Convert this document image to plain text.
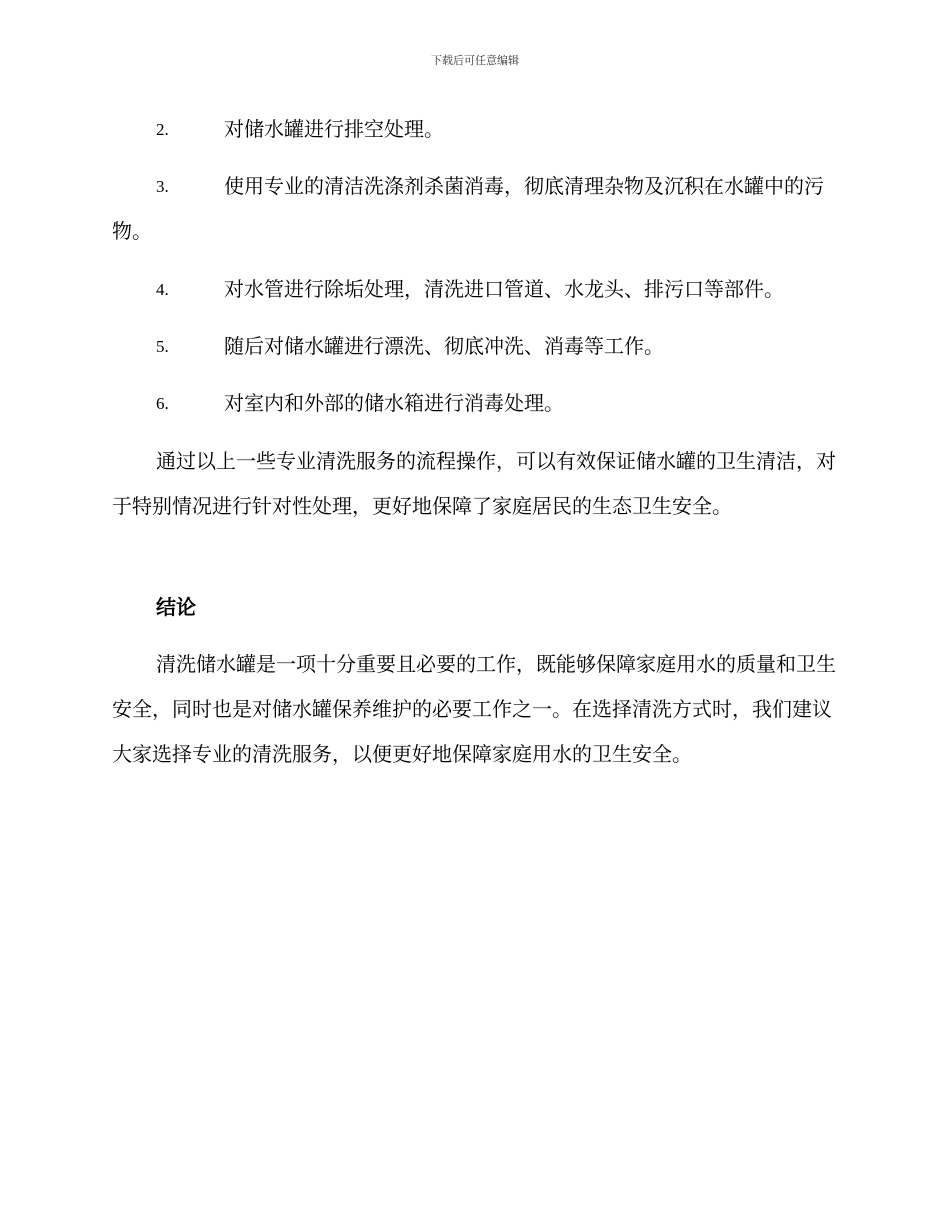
下载后可任意编辑
2.	对储水罐进行排空处理。
3.	使用专业的清洁洗涤剂杀菌消毒，彻底清理杂物及沉积在水罐中的污物。
4.	对水管进行除垢处理，清洗进口管道、水龙头、排污口等部件。
5.	随后对储水罐进行漂洗、彻底冲洗、消毒等工作。
6.	对室内和外部的储水箱进行消毒处理。
通过以上一些专业清洗服务的流程操作，可以有效保证储水罐的卫生清洁，对于特别情况进行针对性处理，更好地保障了家庭居民的生态卫生安全。
结论
清洗储水罐是一项十分重要且必要的工作，既能够保障家庭用水的质量和卫生安全，同时也是对储水罐保养维护的必要工作之一。在选择清洗方式时，我们建议大家选择专业的清洗服务，以便更好地保障家庭用水的卫生安全。
